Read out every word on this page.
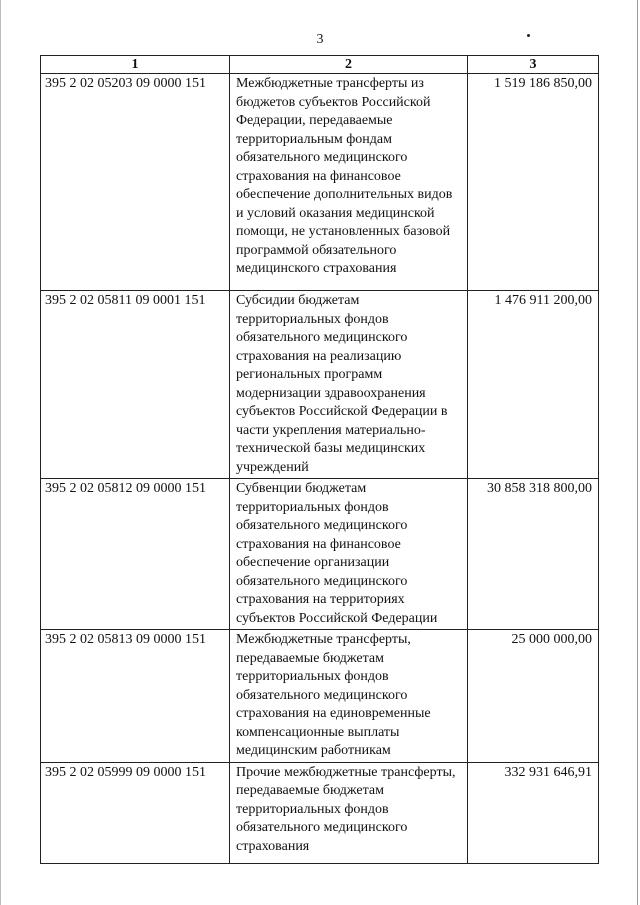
3
1	2	3
395 2 02 05203 09 0000 151	Межбюджетные трансферты из бюджетов субъектов Российской Федерации, передаваемые территориальным фондам обязательного медицинского страхования на финансовое обеспечение дополнительных видов и условий оказания медицинской помощи, не установленных базовой программой обязательного медицинского страхования	1 519 186 850,00
395 2 02 05811 09 0001 151	Субсидии бюджетам территориальных фондов обязательного медицинского страхования на реализацию региональных программ модернизации здравоохранения субъектов Российской Федерации в части укрепления материально-технической базы медицинских учреждений	1 476 911 200,00
395 2 02 05812 09 0000 151	Субвенции бюджетам территориальных фондов обязательного медицинского страхования на финансовое обеспечение организации обязательного медицинского страхования на территориях субъектов Российской Федерации	30 858 318 800,00
395 2 02 05813 09 0000 151	Межбюджетные трансферты, передаваемые бюджетам территориальных фондов обязательного медицинского страхования на единовременные компенсационные выплаты медицинским работникам	25 000 000,00
395 2 02 05999 09 0000 151	Прочие межбюджетные трансферты, передаваемые бюджетам территориальных фондов обязательного медицинского страхования	332 931 646,91
